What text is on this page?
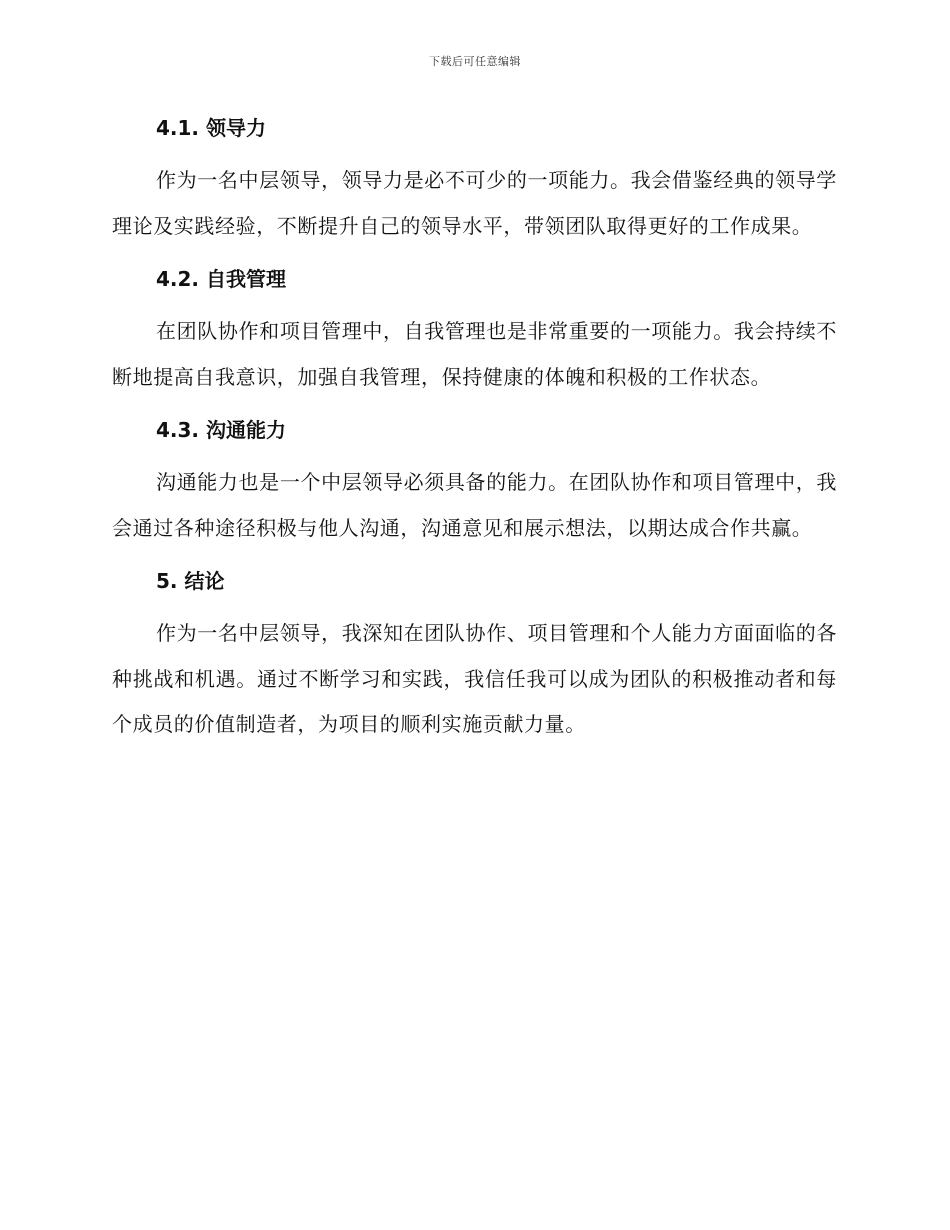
下载后可任意编辑
4.1. 领导力

作为一名中层领导，领导力是必不可少的一项能力。我会借鉴经典的领导学理论及实践经验，不断提升自己的领导水平，带领团队取得更好的工作成果。

4.2. 自我管理

在团队协作和项目管理中，自我管理也是非常重要的一项能力。我会持续不断地提高自我意识，加强自我管理，保持健康的体魄和积极的工作状态。

4.3. 沟通能力

沟通能力也是一个中层领导必须具备的能力。在团队协作和项目管理中，我会通过各种途径积极与他人沟通，沟通意见和展示想法，以期达成合作共赢。

5. 结论

作为一名中层领导，我深知在团队协作、项目管理和个人能力方面面临的各种挑战和机遇。通过不断学习和实践，我信任我可以成为团队的积极推动者和每个成员的价值制造者，为项目的顺利实施贡献力量。
